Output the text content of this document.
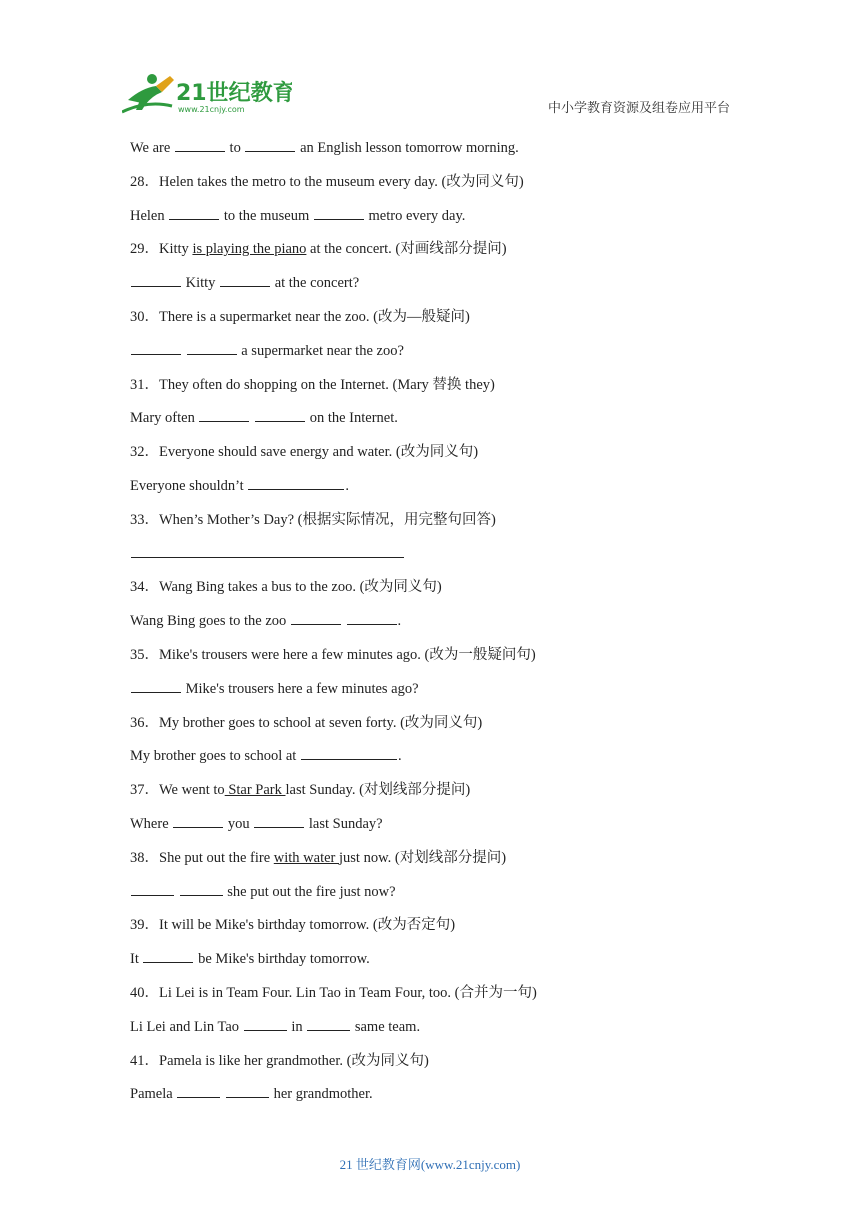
21世纪教育
www.21cnjy.com	中小学教育资源及组卷应用平台
We are	to	an English lesson tomorrow morning.
28．Helen takes the metro to the museum every day. (改为同义句)
Helen	to the museum	metro every day.
29．Kitty is playing the piano at the concert. (对画线部分提问)
Kitty	at the concert?
30．There is a supermarket near the zoo. (改为—般疑问)
a supermarket near the zoo?
31．They often do shopping on the Internet. (Mary 替换 they)
Mary often	on the Internet.
32．Everyone should save energy and water. (改为同义句)
Everyone shouldn’t	.
33．When’s Mother’s Day? (根据实际情况，用完整句回答)
34．Wang Bing takes a bus to the zoo. (改为同义句)
Wang Bing goes to the zoo	.
35．Mike's trousers were here a few minutes ago. (改为一般疑问句)
Mike's trousers here a few minutes ago?
36．My brother goes to school at seven forty. (改为同义句)
My brother goes to school at	.
37．We went to Star Park last Sunday. (对划线部分提问)
Where	you	last Sunday?
38．She put out the fire with water just now. (对划线部分提问)
she put out the fire just now?
39．It will be Mike's birthday tomorrow. (改为否定句)
It	be Mike's birthday tomorrow.
40．Li Lei is in Team Four. Lin Tao in Team Four, too. (合并为一句)
Li Lei and Lin Tao	in	same team.
41．Pamela is like her grandmother. (改为同义句)
Pamela	her grandmother.
21 世纪教育网(www.21cnjy.com)
